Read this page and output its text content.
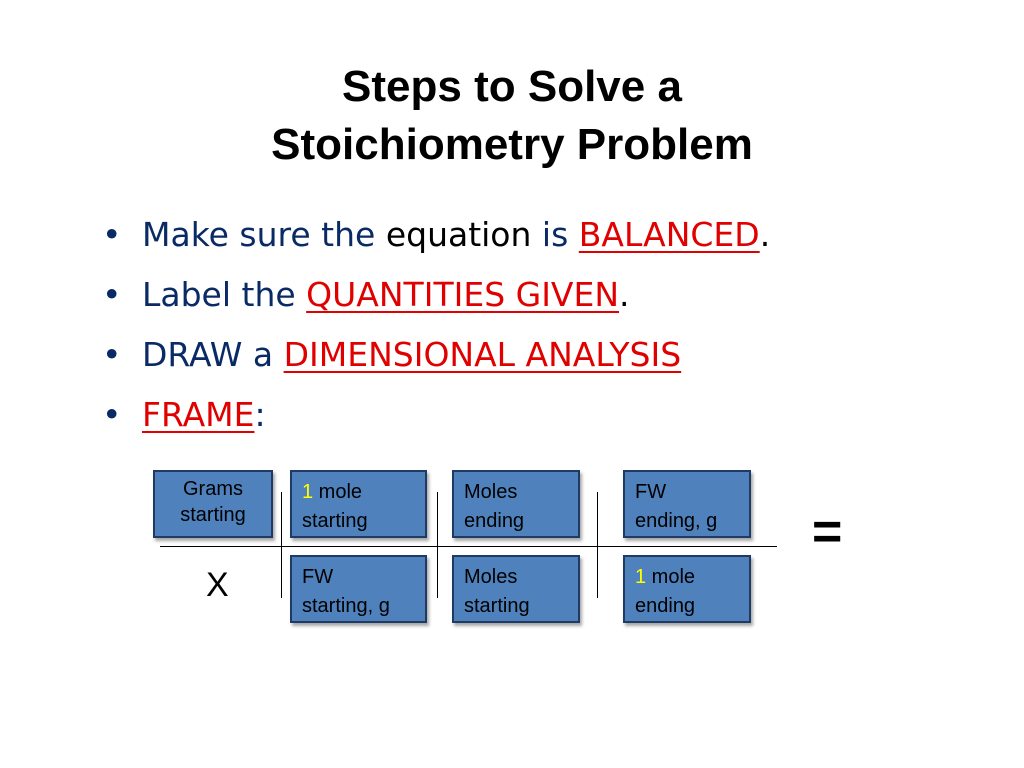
Steps to Solve a
Stoichiometry Problem
• Make sure the equation is BALANCED.
• Label the QUANTITIES GIVEN.
• DRAW a DIMENSIONAL ANALYSIS
• FRAME:
Grams
starting
1 mole
starting
Moles
ending
FW
ending, g
X	FW
starting, g
Moles
starting
1 mole
ending
=
